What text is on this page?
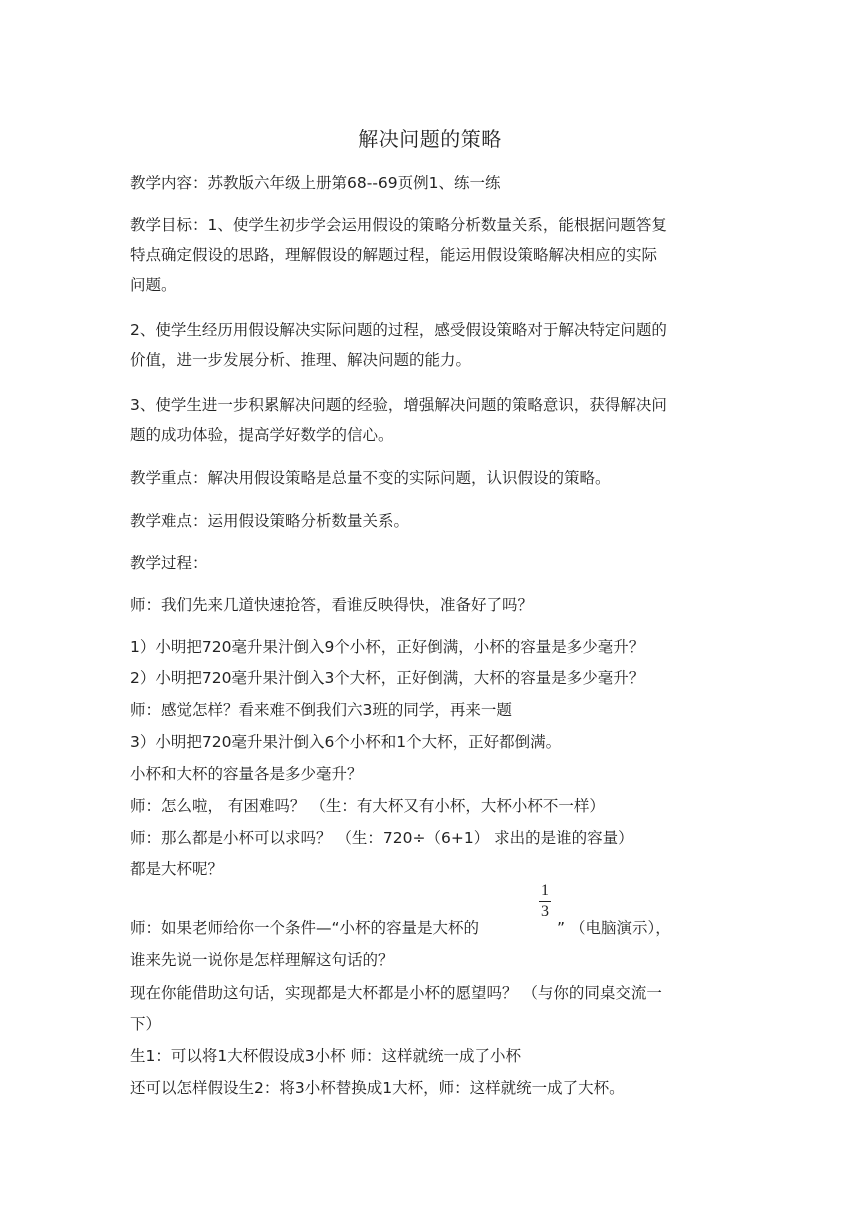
解决问题的策略
教学内容：苏教版六年级上册第68--69页例1、练一练
教学目标：1、使学生初步学会运用假设的策略分析数量关系，能根据问题答复
特点确定假设的思路，理解假设的解题过程，能运用假设策略解决相应的实际
问题。
2、使学生经历用假设解决实际问题的过程，感受假设策略对于解决特定问题的
价值，进一步发展分析、推理、解决问题的能力。
3、使学生进一步积累解决问题的经验，增强解决问题的策略意识，获得解决问
题的成功体验，提高学好数学的信心。
教学重点：解决用假设策略是总量不变的实际问题，认识假设的策略。
教学难点：运用假设策略分析数量关系。
教学过程：
师：我们先来几道快速抢答，看谁反映得快，准备好了吗？
1）小明把720毫升果汁倒入9个小杯，正好倒满，小杯的容量是多少毫升？
2）小明把720毫升果汁倒入3个大杯，正好倒满，大杯的容量是多少毫升？
师：感觉怎样？看来难不倒我们六3班的同学，再来一题
3）小明把720毫升果汁倒入6个小杯和1个大杯，正好都倒满。
小杯和大杯的容量各是多少毫升？
师：怎么啦， 有困难吗？ （生：有大杯又有小杯，大杯小杯不一样）
师：那么都是小杯可以求吗？ （生：720÷（6+1） 求出的是谁的容量）
都是大杯呢？
师：如果老师给你一个条件—“小杯的容量是大杯的
1
3
” （电脑演示），
谁来先说一说你是怎样理解这句话的？
现在你能借助这句话，实现都是大杯都是小杯的愿望吗？ （与你的同桌交流一
下）
生1：可以将1大杯假设成3小杯 师：这样就统一成了小杯
还可以怎样假设生2：将3小杯替换成1大杯，师：这样就统一成了大杯。
